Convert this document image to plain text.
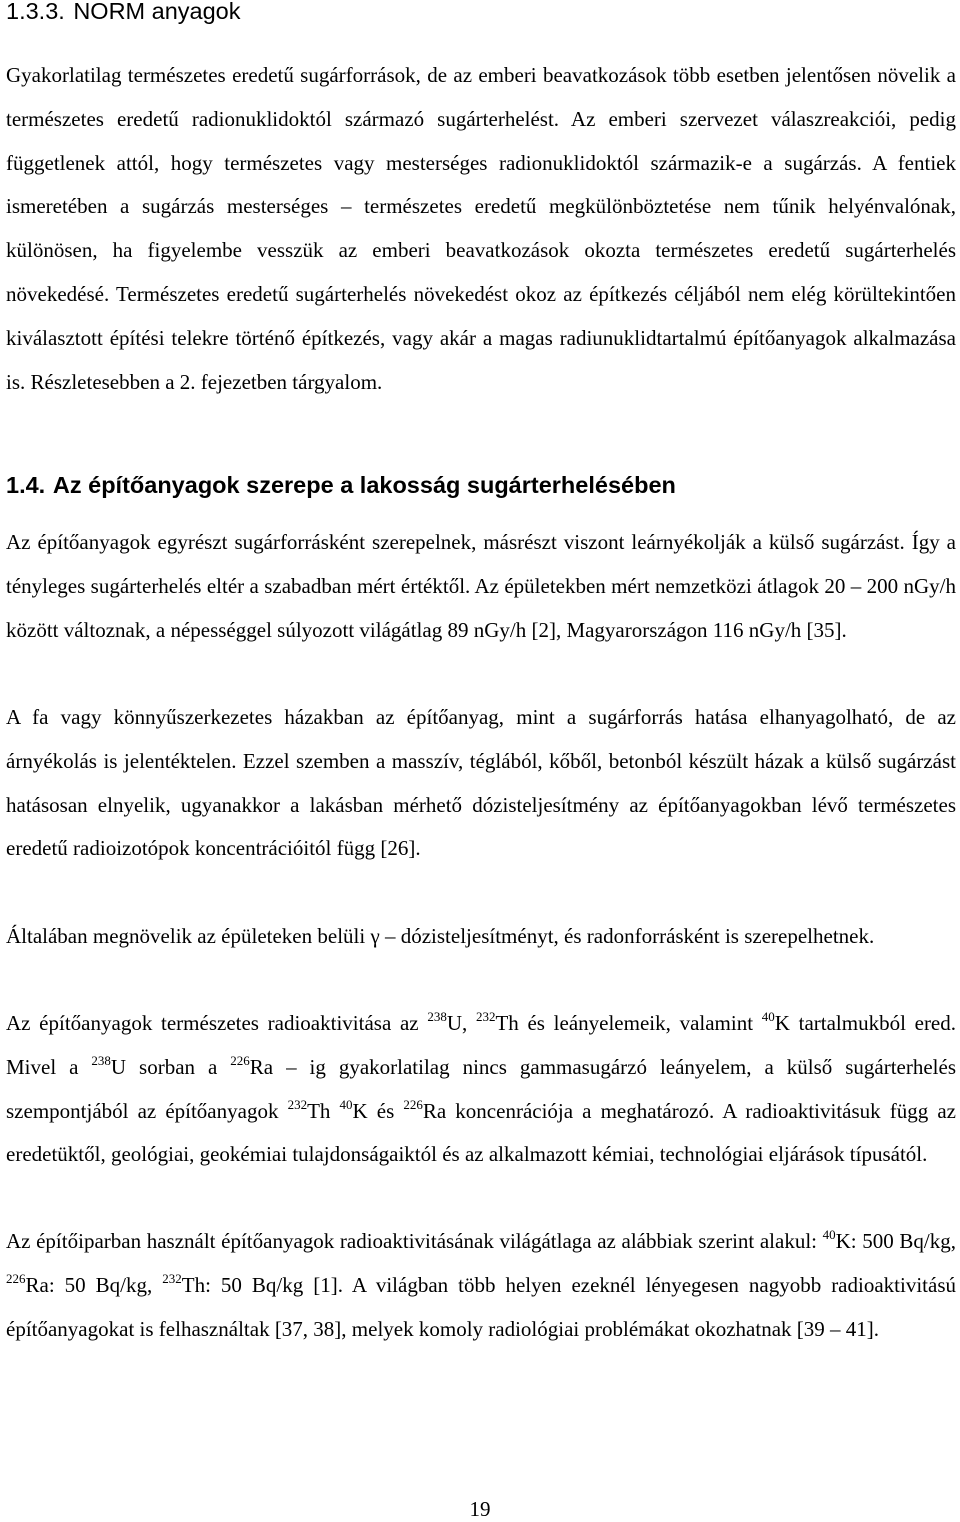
1.3.3. NORM anyagok

Gyakorlatilag természetes eredetű sugárforrások, de az emberi beavatkozások több esetben jelentősen növelik a természetes eredetű radionuklidoktól származó sugárterhelést. Az emberi szervezet válaszreakciói, pedig függetlenek attól, hogy természetes vagy mesterséges radionuklidoktól származik-e a sugárzás. A fentiek ismeretében a sugárzás mesterséges – természetes eredetű megkülönböztetése nem tűnik helyénvalónak, különösen, ha figyelembe vesszük az emberi beavatkozások okozta természetes eredetű sugárterhelés növekedésé. Természetes eredetű sugárterhelés növekedést okoz az építkezés céljából nem elég körültekintően kiválasztott építési telekre történő építkezés, vagy akár a magas radiunuklidtartalmú építőanyagok alkalmazása is. Részletesebben a 2. fejezetben tárgyalom.

1.4. Az építőanyagok szerepe a lakosság sugárterhelésében

Az építőanyagok egyrészt sugárforrásként szerepelnek, másrészt viszont leárnyékolják a külső sugárzást. Így a tényleges sugárterhelés eltér a szabadban mért értéktől. Az épületekben mért nemzetközi átlagok 20 – 200 nGy/h között változnak, a népességgel súlyozott világátlag 89 nGy/h [2], Magyarországon 116 nGy/h [35].

A fa vagy könnyűszerkezetes házakban az építőanyag, mint a sugárforrás hatása elhanyagolható, de az árnyékolás is jelentéktelen. Ezzel szemben a masszív, téglából, kőből, betonból készült házak a külső sugárzást hatásosan elnyelik, ugyanakkor a lakásban mérhető dózisteljesítmény az építőanyagokban lévő természetes eredetű radioizotópok koncentrációitól függ [26].

Általában megnövelik az épületeken belüli γ – dózisteljesítményt, és radonforrásként is szerepelhetnek.

Az építőanyagok természetes radioaktivitása az $^{238}$U, $^{232}$Th és leányelemeik, valamint $^{40}$K tartalmukból ered. Mivel a $^{238}$U sorban a $^{226}$Ra – ig gyakorlatilag nincs gammasugárzó leányelem, a külső sugárterhelés szempontjából az építőanyagok $^{232}$Th $^{40}$K és $^{226}$Ra koncenrációja a meghatározó. A radioaktivitásuk függ az eredetüktől, geológiai, geokémiai tulajdonságaiktól és az alkalmazott kémiai, technológiai eljárások típusától.

Az építőiparban használt építőanyagok radioaktivitásának világátlaga az alábbiak szerint alakul: $^{40}$K: 500 Bq/kg, $^{226}$Ra: 50 Bq/kg, $^{232}$Th: 50 Bq/kg [1]. A világban több helyen ezeknél lényegesen nagyobb radioaktivitású építőanyagokat is felhasználtak [37, 38], melyek komoly radiológiai problémákat okozhatnak [39 – 41].

19
